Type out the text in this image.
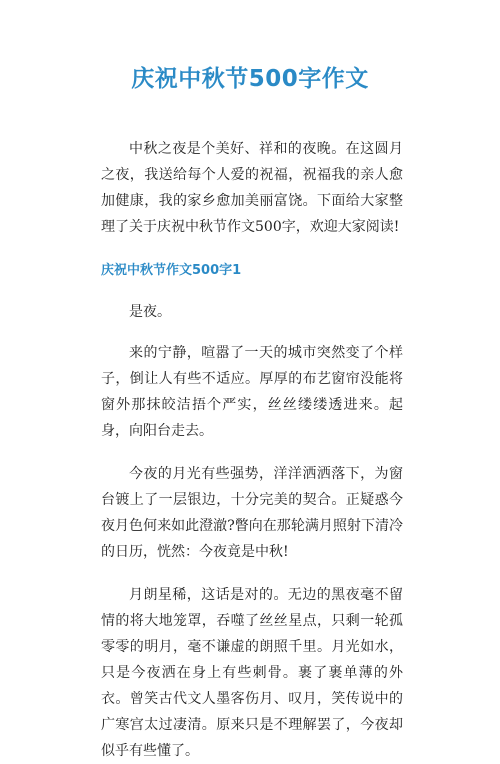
庆祝中秋节500字作文

中秋之夜是个美好、祥和的夜晚。在这圆月之夜，我送给每个人爱的祝福，祝福我的亲人愈加健康，我的家乡愈加美丽富饶。下面给大家整理了关于庆祝中秋节作文500字，欢迎大家阅读!

庆祝中秋节作文500字1

是夜。

来的宁静，喧嚣了一天的城市突然变了个样子，倒让人有些不适应。厚厚的布艺窗帘没能将窗外那抹皎洁捂个严实，丝丝缕缕透进来。起身，向阳台走去。

今夜的月光有些强势，洋洋洒洒落下，为窗台镀上了一层银边，十分完美的契合。正疑惑今夜月色何来如此澄澈?瞥向在那轮满月照射下清冷的日历，恍然：今夜竟是中秋!

月朗星稀，这话是对的。无边的黑夜毫不留情的将大地笼罩，吞噬了丝丝星点，只剩一轮孤零零的明月，毫不谦虚的朗照千里。月光如水，只是今夜洒在身上有些刺骨。裹了裹单薄的外衣。曾笑古代文人墨客伤月、叹月，笑传说中的广寒宫太过凄清。原来只是不理解罢了，今夜却似乎有些懂了。
